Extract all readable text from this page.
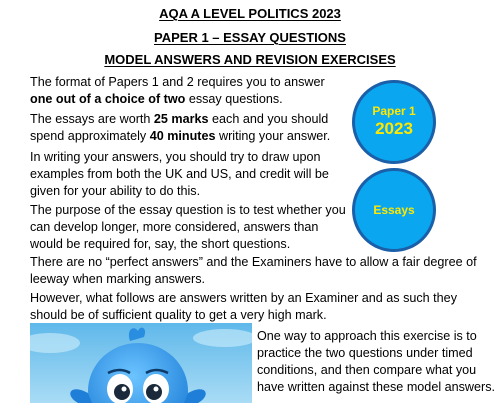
AQA A LEVEL POLITICS 2023
PAPER 1 – ESSAY QUESTIONS
MODEL ANSWERS AND REVISION EXERCISES

The format of Papers 1 and 2 requires you to answer one out of a choice of two essay questions.

The essays are worth 25 marks each and you should spend approximately 40 minutes writing your answer.

In writing your answers, you should try to draw upon examples from both the UK and US, and credit will be given for your ability to do this.

The purpose of the essay question is to test whether you can develop longer, more considered, answers than would be required for, say, the short questions.

There are no “perfect answers” and the Examiners have to allow a fair degree of leeway when marking answers.

However, what follows are answers written by an Examiner and as such they should be of sufficient quality to get a very high mark.

Paper 1
2023
Essays

One way to approach this exercise is to practice the two questions under timed conditions, and then compare what you have written against these model answers.
